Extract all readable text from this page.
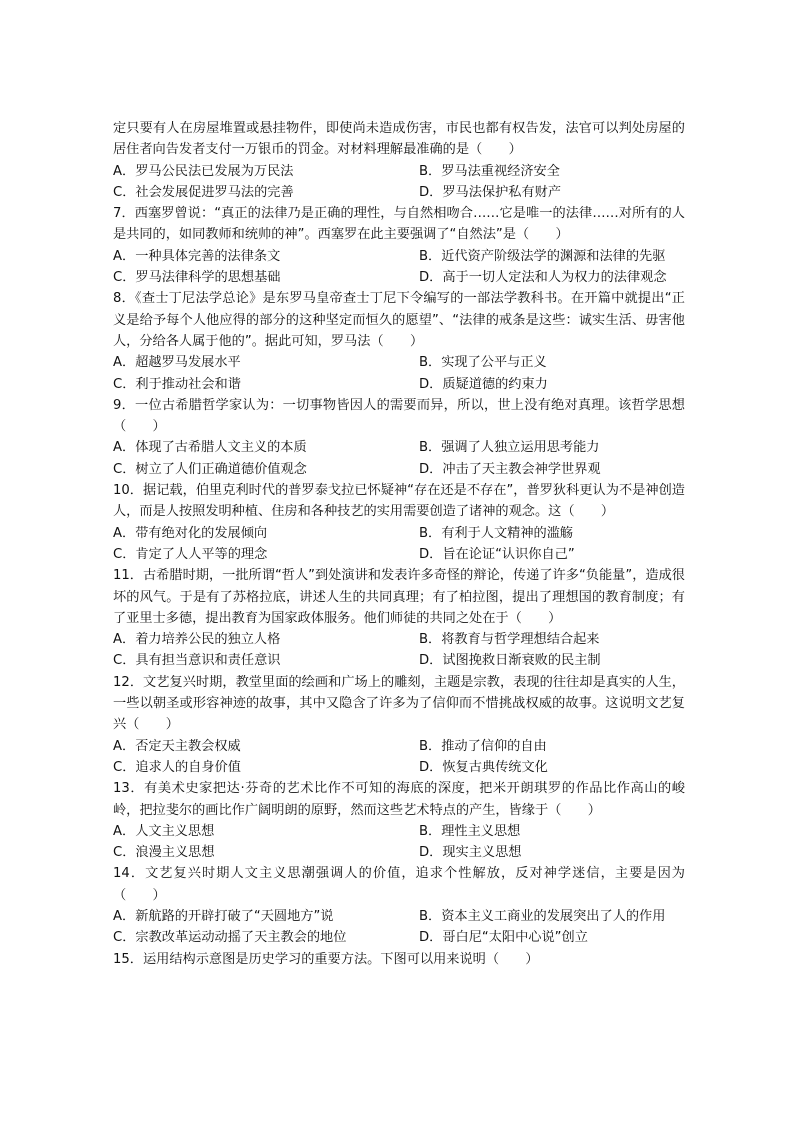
定只要有人在房屋堆置或悬挂物件，即使尚未造成伤害，市民也都有权告发，法官可以判处房屋的居住者向告发者支付一万银币的罚金。对材料理解最准确的是（　　）

A．罗马公民法已发展为万民法	B．罗马法重视经济安全
C．社会发展促进罗马法的完善	D．罗马法保护私有财产

7．西塞罗曾说：“真正的法律乃是正确的理性，与自然相吻合……它是唯一的法律……对所有的人是共同的，如同教师和统帅的神”。西塞罗在此主要强调了“自然法”是（　　）

A．一种具体完善的法律条文	B．近代资产阶级法学的渊源和法律的先驱
C．罗马法律科学的思想基础	D．高于一切人定法和人为权力的法律观念

8．《查士丁尼法学总论》是东罗马皇帝查士丁尼下令编写的一部法学教科书。在开篇中就提出“正义是给予每个人他应得的部分的这种坚定而恒久的愿望”、“法律的戒条是这些：诚实生活、毋害他人，分给各人属于他的”。据此可知，罗马法（　　）

A．超越罗马发展水平	B．实现了公平与正义
C．利于推动社会和谐	D．质疑道德的约束力

9．一位古希腊哲学家认为：一切事物皆因人的需要而异，所以，世上没有绝对真理。该哲学思想（　　）

A．体现了古希腊人文主义的本质	B．强调了人独立运用思考能力
C．树立了人们正确道德价值观念	D．冲击了天主教会神学世界观

10．据记载，伯里克利时代的普罗泰戈拉已怀疑神“存在还是不存在”，普罗狄科更认为不是神创造人，而是人按照发明种植、住房和各种技艺的实用需要创造了诸神的观念。这（　　）

A．带有绝对化的发展倾向	B．有利于人文精神的滥觞
C．肯定了人人平等的理念	D．旨在论证“认识你自己”

11．古希腊时期，一批所谓“哲人”到处演讲和发表许多奇怪的辩论，传递了许多“负能量”，造成很坏的风气。于是有了苏格拉底，讲述人生的共同真理；有了柏拉图，提出了理想国的教育制度；有了亚里士多德，提出教育为国家政体服务。他们师徒的共同之处在于（　　）

A．着力培养公民的独立人格	B．将教育与哲学理想结合起来
C．具有担当意识和责任意识	D．试图挽救日渐衰败的民主制

12．文艺复兴时期，教堂里面的绘画和广场上的雕刻，主题是宗教，表现的往往却是真实的人生，一些以朝圣或形容神迹的故事，其中又隐含了许多为了信仰而不惜挑战权威的故事。这说明文艺复兴（　　）

A．否定天主教会权威	B．推动了信仰的自由
C．追求人的自身价值	D．恢复古典传统文化

13．有美术史家把达·芬奇的艺术比作不可知的海底的深度，把米开朗琪罗的作品比作高山的峻岭，把拉斐尔的画比作广阔明朗的原野，然而这些艺术特点的产生，皆缘于（　　）

A．人文主义思想	B．理性主义思想
C．浪漫主义思想	D．现实主义思想

14．文艺复兴时期人文主义思潮强调人的价值，追求个性解放，反对神学迷信，主要是因为（　　）

A．新航路的开辟打破了“天圆地方”说	B．资本主义工商业的发展突出了人的作用
C．宗教改革运动动摇了天主教会的地位	D．哥白尼“太阳中心说”创立

15．运用结构示意图是历史学习的重要方法。下图可以用来说明（　　）
